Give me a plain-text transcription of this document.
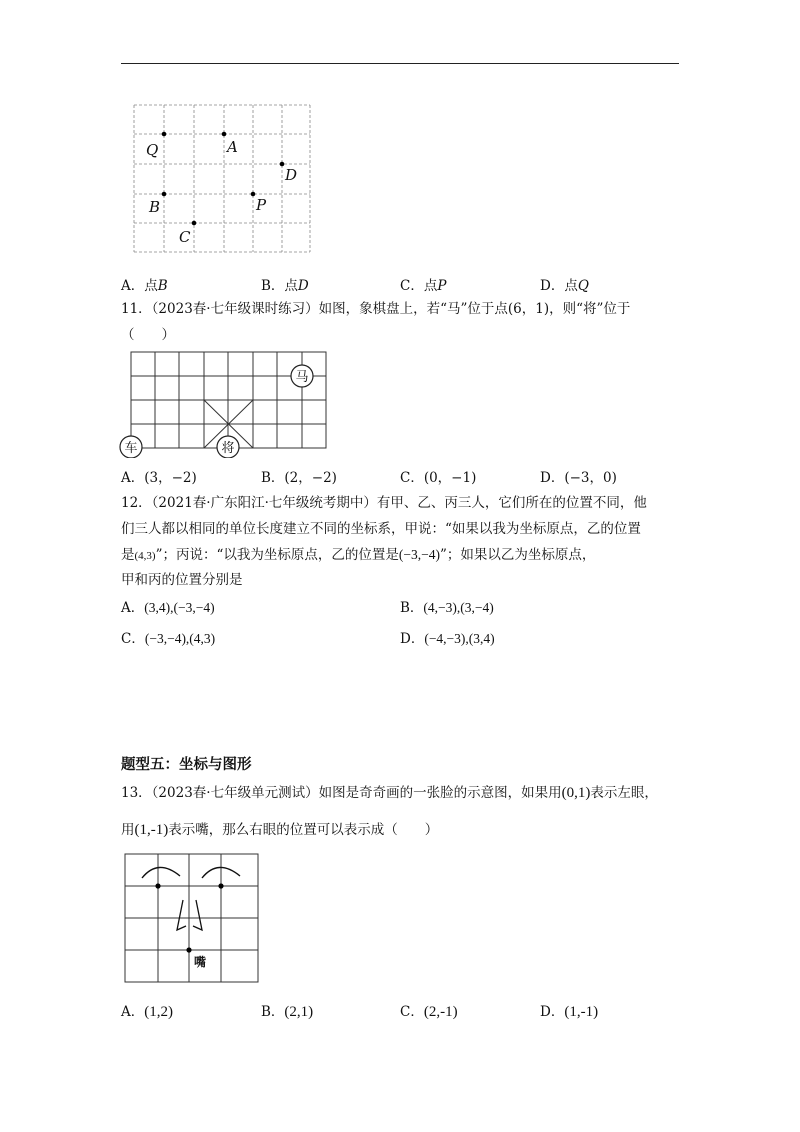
Q	A
D
B	P
C
A．点B	B．点D	C．点P	D．点Q
11．（2023春·七年级课时练习）如图，象棋盘上，若“马”位于点(6，1)，则“将”位于
（　　）
马
车	将
A．(3，−2)	B．(2，−2)	C．(0，−1)	D．(−3，0)
12．（2021春·广东阳江·七年级统考期中）有甲、乙、丙三人，它们所在的位置不同，他
们三人都以相同的单位长度建立不同的坐标系，甲说：“如果以我为坐标原点，乙的位置
是(4,3)”；丙说：“以我为坐标原点，乙的位置是(−3,−4)”；如果以乙为坐标原点，
甲和丙的位置分别是
A．(3,4),(−3,−4)	B．(4,−3),(3,−4)
C．(−3,−4),(4,3)	D．(−4,−3),(3,4)
题型五：坐标与图形
13．（2023春·七年级单元测试）如图是奇奇画的一张脸的示意图，如果用(0,1)表示左眼，
用(1,-1)表示嘴，那么右眼的位置可以表示成（　　）
嘴
A．(1,2)	B．(2,1)	C．(2,-1)	D．(1,-1)
